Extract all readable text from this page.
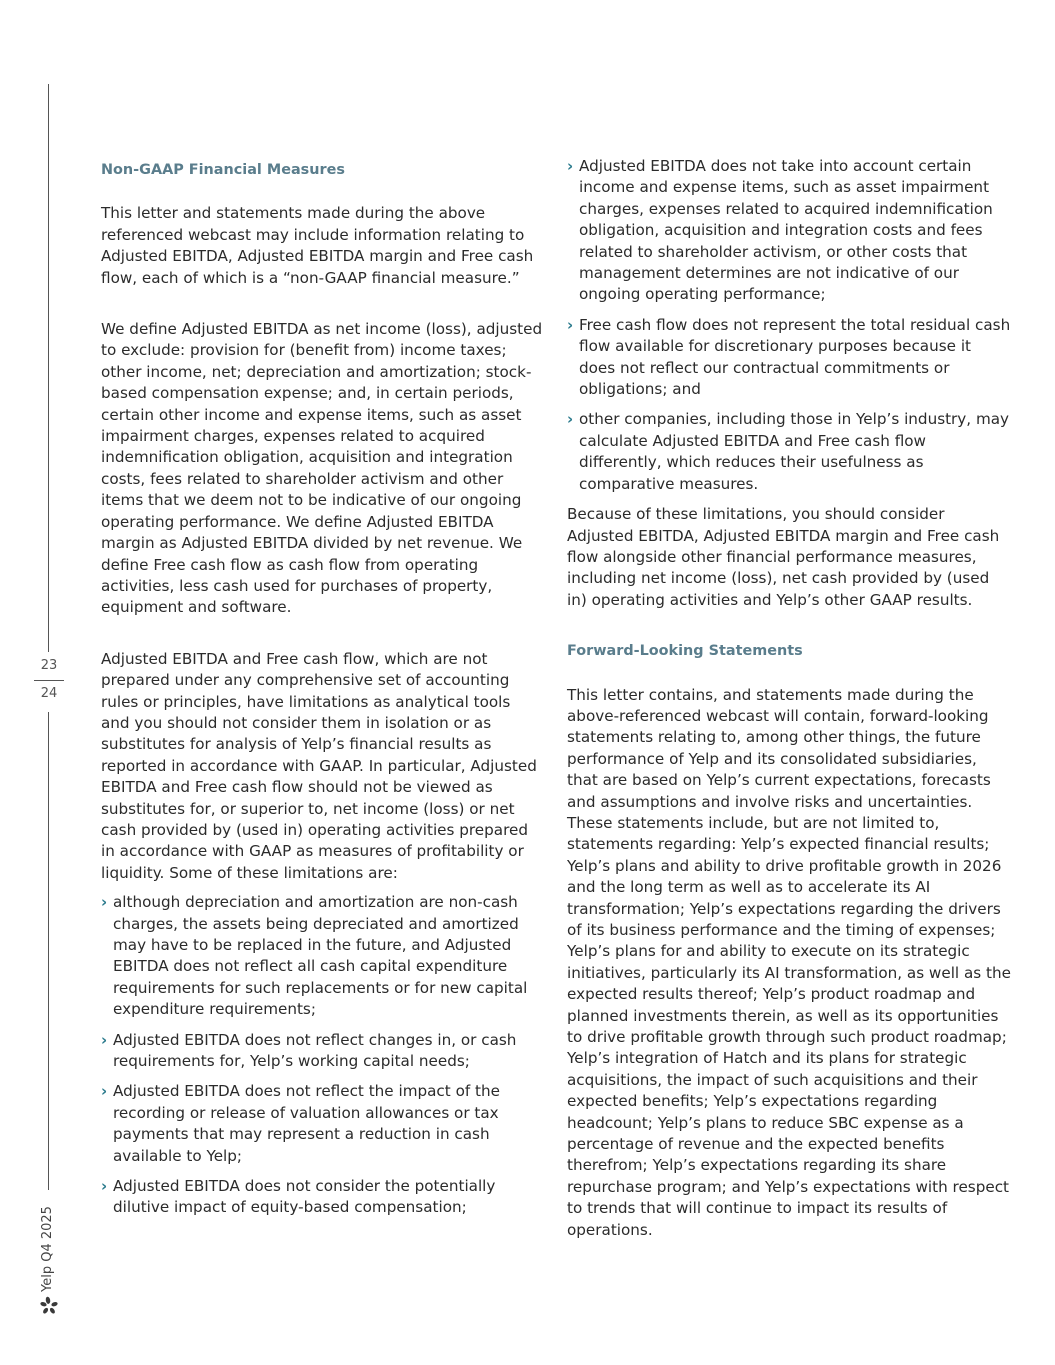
23
24
Yelp Q4 2025
Non-GAAP Financial Measures

This letter and statements made during the above referenced webcast may include information relating to Adjusted EBITDA, Adjusted EBITDA margin and Free cash flow, each of which is a “non-GAAP financial measure.”

We define Adjusted EBITDA as net income (loss), adjusted to exclude: provision for (benefit from) income taxes; other income, net; depreciation and amortization; stock-based compensation expense; and, in certain periods, certain other income and expense items, such as asset impairment charges, expenses related to acquired indemnification obligation, acquisition and integration costs, fees related to shareholder activism and other items that we deem not to be indicative of our ongoing operating performance. We define Adjusted EBITDA margin as Adjusted EBITDA divided by net revenue. We define Free cash flow as cash flow from operating activities, less cash used for purchases of property, equipment and software.

Adjusted EBITDA and Free cash flow, which are not prepared under any comprehensive set of accounting rules or principles, have limitations as analytical tools and you should not consider them in isolation or as substitutes for analysis of Yelp’s financial results as reported in accordance with GAAP. In particular, Adjusted EBITDA and Free cash flow should not be viewed as substitutes for, or superior to, net income (loss) or net cash provided by (used in) operating activities prepared in accordance with GAAP as measures of profitability or liquidity. Some of these limitations are:

› although depreciation and amortization are non-cash charges, the assets being depreciated and amortized may have to be replaced in the future, and Adjusted EBITDA does not reflect all cash capital expenditure requirements for such replacements or for new capital expenditure requirements;
› Adjusted EBITDA does not reflect changes in, or cash requirements for, Yelp’s working capital needs;
› Adjusted EBITDA does not reflect the impact of the recording or release of valuation allowances or tax payments that may represent a reduction in cash available to Yelp;
› Adjusted EBITDA does not consider the potentially dilutive impact of equity-based compensation;
› Adjusted EBITDA does not take into account certain income and expense items, such as asset impairment charges, expenses related to acquired indemnification obligation, acquisition and integration costs and fees related to shareholder activism, or other costs that management determines are not indicative of our ongoing operating performance;
› Free cash flow does not represent the total residual cash flow available for discretionary purposes because it does not reflect our contractual commitments or obligations; and
› other companies, including those in Yelp’s industry, may calculate Adjusted EBITDA and Free cash flow differently, which reduces their usefulness as comparative measures.

Because of these limitations, you should consider Adjusted EBITDA, Adjusted EBITDA margin and Free cash flow alongside other financial performance measures, including net income (loss), net cash provided by (used in) operating activities and Yelp’s other GAAP results.

Forward-Looking Statements

This letter contains, and statements made during the above-referenced webcast will contain, forward-looking statements relating to, among other things, the future performance of Yelp and its consolidated subsidiaries, that are based on Yelp’s current expectations, forecasts and assumptions and involve risks and uncertainties. These statements include, but are not limited to, statements regarding: Yelp’s expected financial results; Yelp’s plans and ability to drive profitable growth in 2026 and the long term as well as to accelerate its AI transformation; Yelp’s expectations regarding the drivers of its business performance and the timing of expenses; Yelp’s plans for and ability to execute on its strategic initiatives, particularly its AI transformation, as well as the expected results thereof; Yelp’s product roadmap and planned investments therein, as well as its opportunities to drive profitable growth through such product roadmap; Yelp’s integration of Hatch and its plans for strategic acquisitions, the impact of such acquisitions and their expected benefits; Yelp’s expectations regarding headcount; Yelp’s plans to reduce SBC expense as a percentage of revenue and the expected benefits therefrom; Yelp’s expectations regarding its share repurchase program; and Yelp’s expectations with respect to trends that will continue to impact its results of operations.
